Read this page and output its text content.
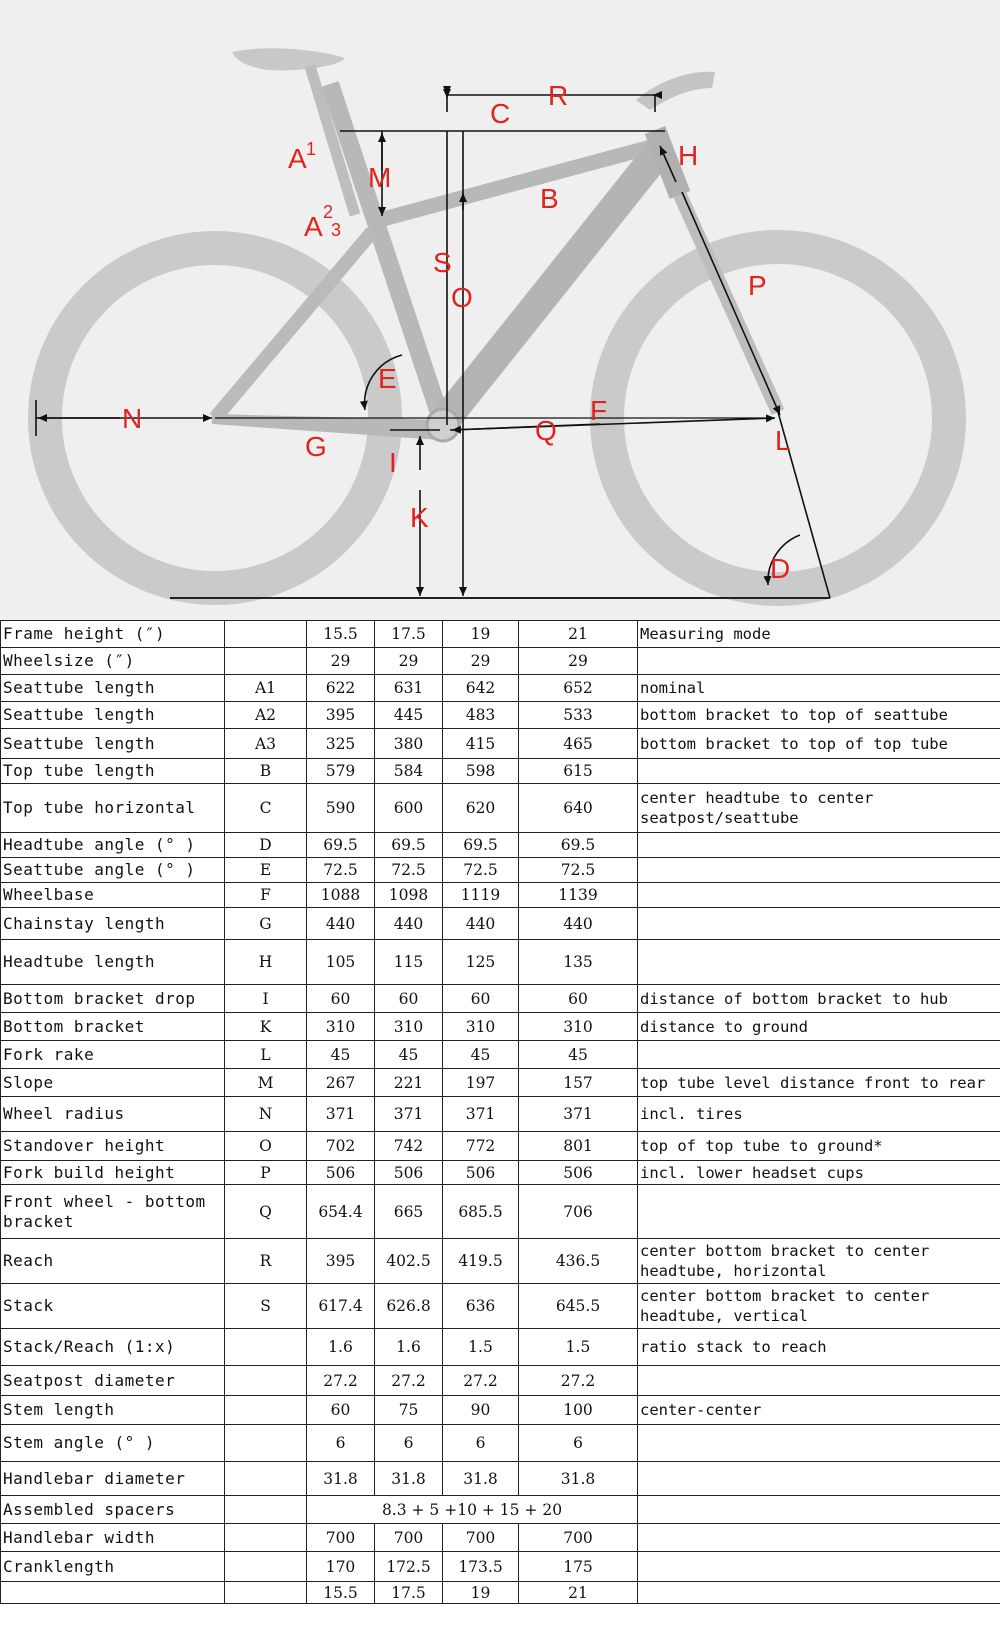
R
C
H
A 1
M
B
A 2
3
S
O	P
E
N	F
Q
G
I
L
K
D
Frame height (″)		15.5	17.5	19	21	Measuring mode
Wheelsize (″)		29	29	29	29	
Seattube length	A1	622	631	642	652	nominal
Seattube length	A2	395	445	483	533	bottom bracket to top of seattube
Seattube length	A3	325	380	415	465	bottom bracket to top of top tube
Top tube length	B	579	584	598	615	
Top tube horizontal	C	590	600	620	640	center headtube to center seatpost/seattube
Headtube angle (° )	D	69.5	69.5	69.5	69.5	
Seattube angle (° )	E	72.5	72.5	72.5	72.5	
Wheelbase	F	1088	1098	1119	1139	
Chainstay length	G	440	440	440	440	
Headtube length	H	105	115	125	135	
Bottom bracket drop	I	60	60	60	60	distance of bottom bracket to hub
Bottom bracket	K	310	310	310	310	distance to ground
Fork rake	L	45	45	45	45	
Slope	M	267	221	197	157	top tube level distance front to rear
Wheel radius	N	371	371	371	371	incl. tires
Standover height	O	702	742	772	801	top of top tube to ground*
Fork build height	P	506	506	506	506	incl. lower headset cups
Front wheel - bottom bracket	Q	654.4	665	685.5	706	
Reach	R	395	402.5	419.5	436.5	center bottom bracket to center headtube, horizontal
Stack	S	617.4	626.8	636	645.5	center bottom bracket to center headtube, vertical
Stack/Reach (1:x)		1.6	1.6	1.5	1.5	ratio stack to reach
Seatpost diameter		27.2	27.2	27.2	27.2	
Stem length		60	75	90	100	center-center
Stem angle (° )		6	6	6	6	
Handlebar diameter		31.8	31.8	31.8	31.8	
Assembled spacers		8.3 + 5 +10 + 15 + 20				
Handlebar width		700	700	700	700	
Cranklength		170	172.5	173.5	175	
		15.5	17.5	19	21	
